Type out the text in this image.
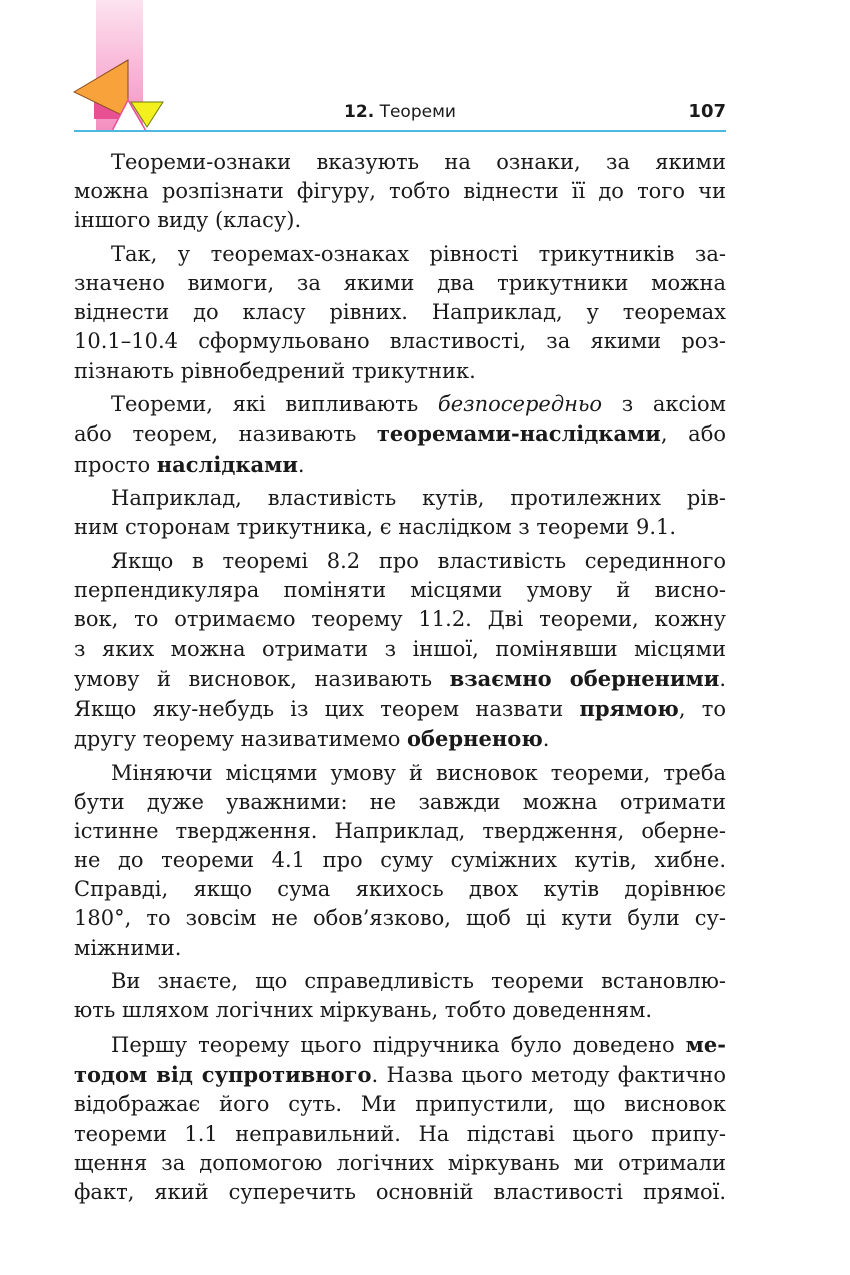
12. Теореми	107

Теореми-ознаки вказують на ознаки, за якими
можна розпізнати фігуру, тобто віднести її до того чи
іншого виду (класу).

Так, у теоремах-ознаках рівності трикутників за-
значено вимоги, за якими два трикутники можна
віднести до класу рівних. Наприклад, у теоремах
10.1–10.4 сформульовано властивості, за якими роз-
пізнають рівнобедрений трикутник.

Теореми, які випливають безпосередньо з аксіом
або теорем, називають теоремами-наслідками, або
просто наслідками.

Наприклад, властивість кутів, протилежних рів-
ним сторонам трикутника, є наслідком з теореми 9.1.

Якщо в теоремі 8.2 про властивість серединного
перпендикуляра поміняти місцями умову й висно-
вок, то отримаємо теорему 11.2. Дві теореми, кожну
з яких можна отримати з іншої, помінявши місцями
умову й висновок, називають взаємно оберненими.
Якщо яку-небудь із цих теорем назвати прямою, то
другу теорему називатимемо оберненою.

Міняючи місцями умову й висновок теореми, треба
бути дуже уважними: не завжди можна отримати
істинне твердження. Наприклад, твердження, оберне-
не до теореми 4.1 про суму суміжних кутів, хибне.
Справді, якщо сума якихось двох кутів дорівнює
180°, то зовсім не обов’язково, щоб ці кути були су-
міжними.

Ви знаєте, що справедливість теореми встановлю-
ють шляхом логічних міркувань, тобто доведенням.

Першу теорему цього підручника було доведено ме-
тодом від супротивного. Назва цього методу фактично
відображає його суть. Ми припустили, що висновок
теореми 1.1 неправильний. На підставі цього припу-
щення за допомогою логічних міркувань ми отримали
факт, який суперечить основній властивості прямої.
